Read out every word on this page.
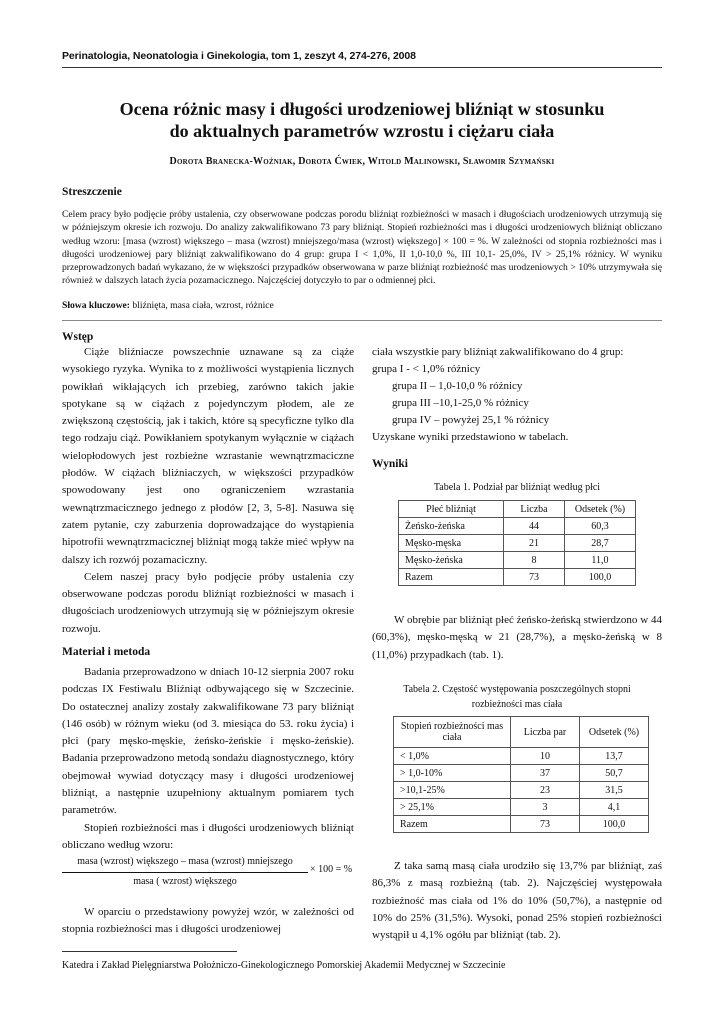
Perinatologia, Neonatologia i Ginekologia, tom 1, zeszyt 4, 274-276, 2008
Ocena różnic masy i długości urodzeniowej bliźniąt w stosunku
do aktualnych parametrów wzrostu i ciężaru ciała
Dorota Branecka-Woźniak, Dorota Ćwiek, Witold Malinowski, Sławomir Szymański
Streszczenie
Celem pracy było podjęcie próby ustalenia, czy obserwowane podczas porodu bliźniąt rozbieżności w masach i długościach urodzeniowych utrzymują się w późniejszym okresie ich rozwoju. Do analizy zakwalifikowano 73 pary bliźniąt. Stopień rozbieżności mas i długości urodzeniowych bliźniąt obliczano według wzoru: [masa (wzrost) większego – masa (wzrost) mniejszego/masa (wzrost) większego] × 100 = %. W zależności od stopnia rozbieżności mas i długości urodzeniowej pary bliźniąt zakwalifikowano do 4 grup: grupa I < 1,0%, II 1,0-10,0 %, III 10,1- 25,0%, IV > 25,1% różnicy. W wyniku przeprowadzonych badań wykazano, że w większości przypadków obserwowana w parze bliźniąt rozbieżność mas urodzeniowych > 10% utrzymywała się również w dalszych latach życia pozamacicznego. Najczęściej dotyczyło to par o odmiennej płci.
Słowa kluczowe: bliźnięta, masa ciała, wzrost, różnice
Wstęp

Ciąże bliźniacze powszechnie uznawane są za ciąże wysokiego ryzyka. Wynika to z możliwości wystąpienia licznych powikłań wikłających ich przebieg, zarówno takich jakie spotykane są w ciążach z pojedynczym płodem, ale ze zwiększoną częstością, jak i takich, które są specyficzne tylko dla tego rodzaju ciąż. Powikłaniem spotykanym wyłącznie w ciążach wielopłodowych jest rozbieżne wzrastanie wewnątrzmaciczne płodów. W ciążach bliźniaczych, w większości przypadków spowodowany jest ono ograniczeniem wzrastania wewnątrzmacicznego jednego z płodów [2, 3, 5-8]. Nasuwa się zatem pytanie, czy zaburzenia doprowadzające do wystąpienia hipotrofii wewnątrzmacicznej bliźniąt mogą także mieć wpływ na dalszy ich rozwój pozamaciczny.

Celem naszej pracy było podjęcie próby ustalenia czy obserwowane podczas porodu bliźniąt rozbieżności w masach i długościach urodzeniowych utrzymują się w późniejszym okresie rozwoju.

Materiał i metoda

Badania przeprowadzono w dniach 10-12 sierpnia 2007 roku podczas IX Festiwalu Bliźniąt odbywającego się w Szczecinie. Do ostatecznej analizy zostały zakwalifikowane 73 pary bliźniąt (146 osób) w różnym wieku (od 3. miesiąca do 53. roku życia) i płci (pary męsko-męskie, żeńsko-żeńskie i męsko-żeńskie). Badania przeprowadzono metodą sondażu diagnostycznego, który obejmował wywiad dotyczący masy i długości urodzeniowej bliźniąt, a następnie uzupełniony aktualnym pomiarem tych parametrów.

Stopień rozbieżności mas i długości urodzeniowych bliźniąt obliczano według wzoru:

masa (wzrost) większego – masa (wzrost) mniejszego
masa ( wzrost) większego
× 100 = %

W oparciu o przedstawiony powyżej wzór, w zależności od stopnia rozbieżności mas i długości urodzeniowej

ciała wszystkie pary bliźniąt zakwalifikowano do 4 grup:
grupa I - < 1,0% różnicy
grupa II – 1,0-10,0 % różnicy
grupa III –10,1-25,0 % różnicy
grupa IV – powyżej 25,1 % różnicy
Uzyskane wyniki przedstawiono w tabelach.
Wyniki
Tabela 1. Podział par bliźniąt według płci
Płeć bliźniąt	Liczba	Odsetek (%)
Żeńsko-żeńska	44	60,3
Męsko-męska	21	28,7
Męsko-żeńska	8	11,0
Razem	73	100,0

W obrębie par bliźniąt płeć żeńsko-żeńską stwierdzono w 44 (60,3%), męsko-męską w 21 (28,7%), a męsko-żeńską w 8 (11,0%) przypadkach (tab. 1).

Tabela 2. Częstość występowania poszczególnych stopni
rozbieżności mas ciała
Stopień rozbieżności mas ciała	Liczba par	Odsetek (%)
< 1,0%	10	13,7
> 1,0-10%	37	50,7
>10,1-25%	23	31,5
> 25,1%	3	4,1
Razem	73	100,0

Z taka samą masą ciała urodziło się 13,7% par bliźniąt, zaś 86,3% z masą rozbieżną (tab. 2). Najczęściej występowała rozbieżność mas ciała od 1% do 10% (50,7%), a następnie od 10% do 25% (31,5%). Wysoki, ponad 25% stopień rozbieżności wystąpił u 4,1% ogółu par bliźniąt (tab. 2).

Katedra i Zakład Pielęgniarstwa Położniczo-Ginekologicznego Pomorskiej Akademii Medycznej w Szczecinie
